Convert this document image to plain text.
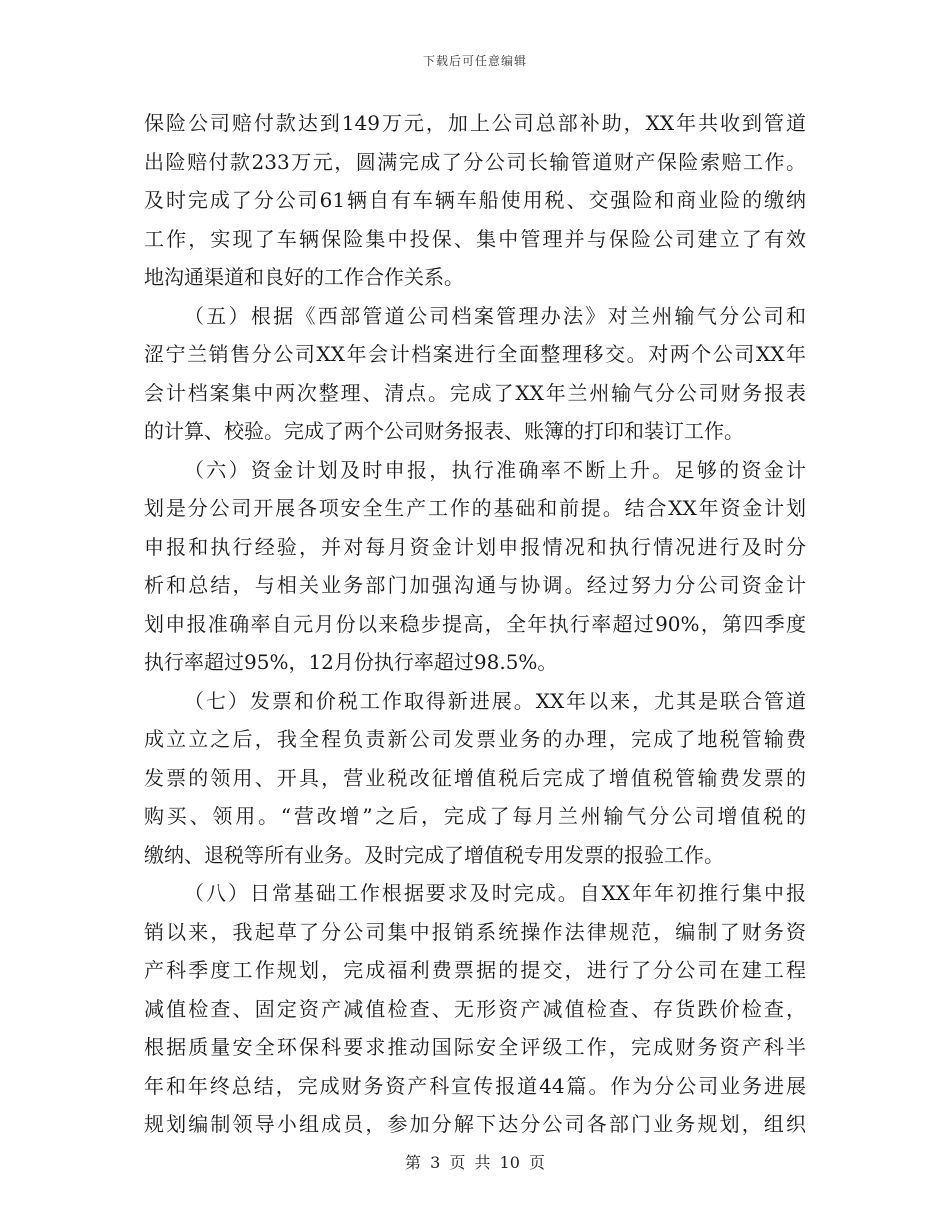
下载后可任意编辑
保险公司赔付款达到149万元，加上公司总部补助，XX年共收到管道
出险赔付款233万元，圆满完成了分公司长输管道财产保险索赔工作。
及时完成了分公司61辆自有车辆车船使用税、交强险和商业险的缴纳
工作，实现了车辆保险集中投保、集中管理并与保险公司建立了有效
地沟通渠道和良好的工作合作关系。
（五）根据《西部管道公司档案管理办法》对兰州输气分公司和
涩宁兰销售分公司XX年会计档案进行全面整理移交。对两个公司XX年
会计档案集中两次整理、清点。完成了XX年兰州输气分公司财务报表
的计算、校验。完成了两个公司财务报表、账簿的打印和装订工作。
（六）资金计划及时申报，执行准确率不断上升。足够的资金计
划是分公司开展各项安全生产工作的基础和前提。结合XX年资金计划
申报和执行经验，并对每月资金计划申报情况和执行情况进行及时分
析和总结，与相关业务部门加强沟通与协调。经过努力分公司资金计
划申报准确率自元月份以来稳步提高，全年执行率超过90%，第四季度
执行率超过95%，12月份执行率超过98.5%。
（七）发票和价税工作取得新进展。XX年以来，尤其是联合管道
成立立之后，我全程负责新公司发票业务的办理，完成了地税管输费
发票的领用、开具，营业税改征增值税后完成了增值税管输费发票的
购买、领用。“营改增”之后，完成了每月兰州输气分公司增值税的
缴纳、退税等所有业务。及时完成了增值税专用发票的报验工作。
（八）日常基础工作根据要求及时完成。自XX年年初推行集中报
销以来，我起草了分公司集中报销系统操作法律规范，编制了财务资
产科季度工作规划，完成福利费票据的提交，进行了分公司在建工程
减值检查、固定资产减值检查、无形资产减值检查、存货跌价检查，
根据质量安全环保科要求推动国际安全评级工作，完成财务资产科半
年和年终总结，完成财务资产科宣传报道44篇。作为分公司业务进展
规划编制领导小组成员，参加分解下达分公司各部门业务规划，组织
第 3 页 共 10 页
